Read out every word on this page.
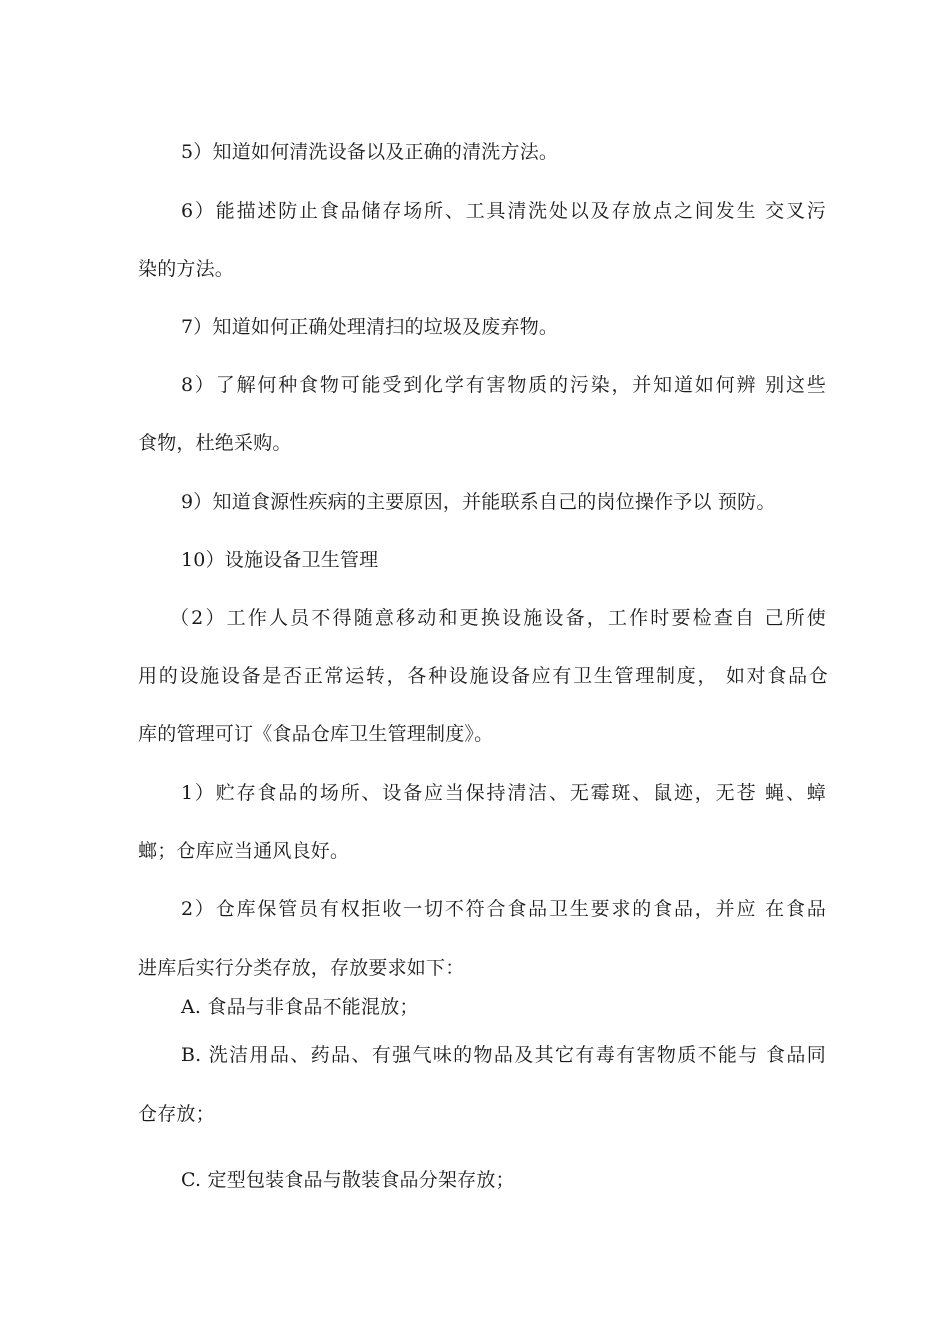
5）知道如何清洗设备以及正确的清洗方法。
6）能描述防止食品储存场所、工具清洗处以及存放点之间发生 交叉污
染的方法。
7）知道如何正确处理清扫的垃圾及废弃物。
8）了解何种食物可能受到化学有害物质的污染，并知道如何辨 别这些
食物，杜绝采购。
9）知道食源性疾病的主要原因，并能联系自己的岗位操作予以 预防。
10）设施设备卫生管理
（2）工作人员不得随意移动和更换设施设备，工作时要检查自 己所使
用的设施设备是否正常运转，各种设施设备应有卫生管理制度， 如对食品仓
库的管理可订《食品仓库卫生管理制度》。
1）贮存食品的场所、设备应当保持清洁、无霉斑、鼠迹，无苍 蝇、蟑
螂；仓库应当通风良好。
2）仓库保管员有权拒收一切不符合食品卫生要求的食品，并应 在食品
进库后实行分类存放，存放要求如下：
A. 食品与非食品不能混放；
B. 洗洁用品、药品、有强气味的物品及其它有毒有害物质不能与 食品同
仓存放；
C. 定型包装食品与散装食品分架存放；
